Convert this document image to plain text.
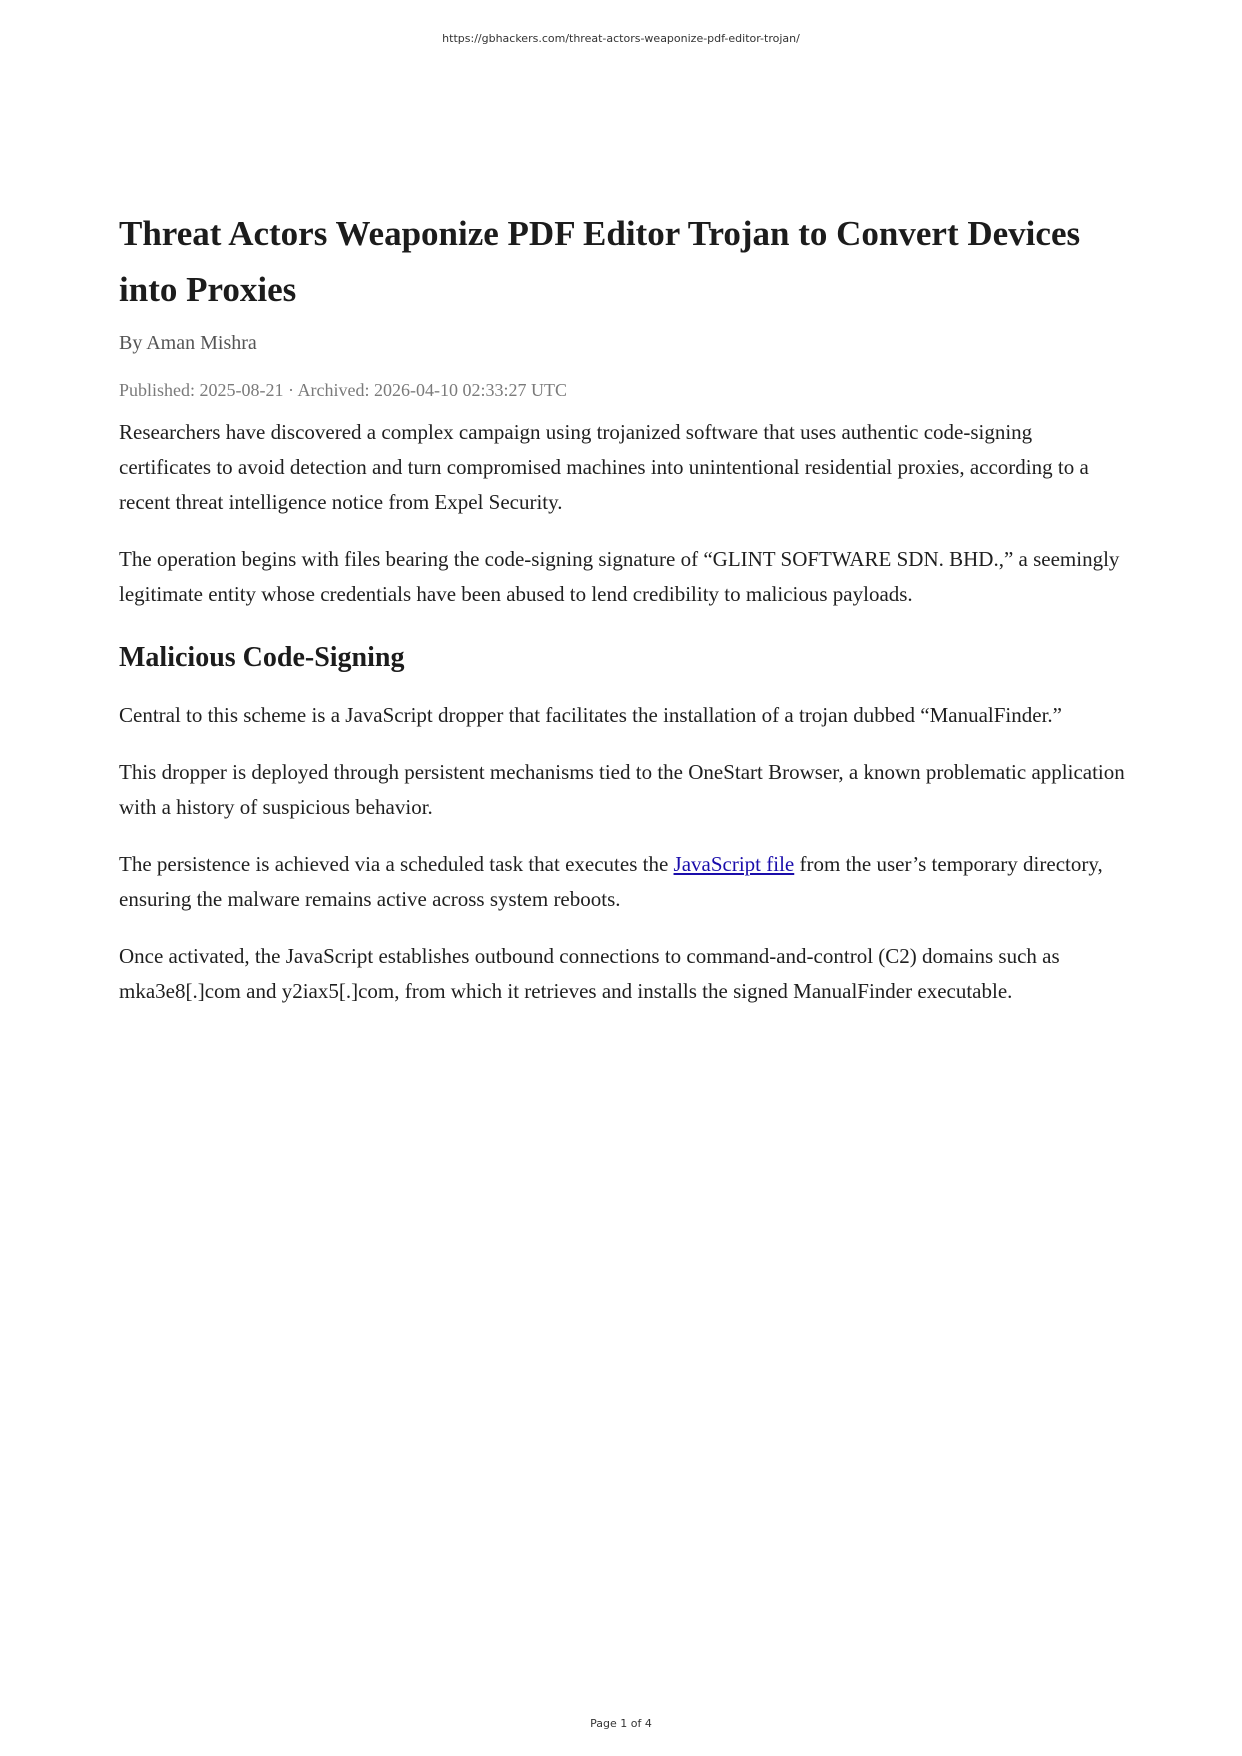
https://gbhackers.com/threat-actors-weaponize-pdf-editor-trojan/
Threat Actors Weaponize PDF Editor Trojan to Convert Devices into Proxies
By Aman Mishra
Published: 2025-08-21 · Archived: 2026-04-10 02:33:27 UTC

Researchers have discovered a complex campaign using trojanized software that uses authentic code-signing certificates to avoid detection and turn compromised machines into unintentional residential proxies, according to a recent threat intelligence notice from Expel Security.

The operation begins with files bearing the code-signing signature of “GLINT SOFTWARE SDN. BHD.,” a seemingly legitimate entity whose credentials have been abused to lend credibility to malicious payloads.

Malicious Code-Signing

Central to this scheme is a JavaScript dropper that facilitates the installation of a trojan dubbed “ManualFinder.”

This dropper is deployed through persistent mechanisms tied to the OneStart Browser, a known problematic application with a history of suspicious behavior.

The persistence is achieved via a scheduled task that executes the JavaScript file from the user’s temporary directory, ensuring the malware remains active across system reboots.

Once activated, the JavaScript establishes outbound connections to command-and-control (C2) domains such as mka3e8[.]com and y2iax5[.]com, from which it retrieves and installs the signed ManualFinder executable.

Page 1 of 4
